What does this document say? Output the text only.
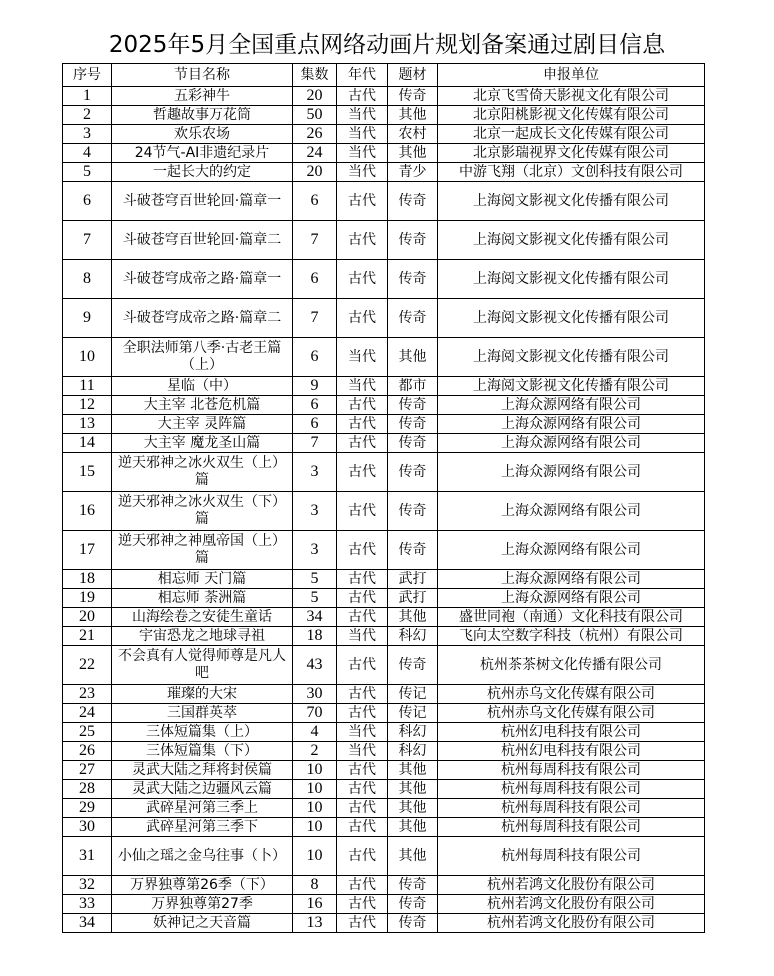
2025年5月全国重点网络动画片规划备案通过剧目信息
序号	节目名称	集数	年代	题材	申报单位
1	五彩神牛	20	古代	传奇	北京飞雪倚天影视文化有限公司
2	哲趣故事万花筒	50	当代	其他	北京阳桃影视文化传媒有限公司
3	欢乐农场	26	当代	农村	北京一起成长文化传媒有限公司
4	24节气-AI非遗纪录片	24	当代	其他	北京影瑞视界文化传媒有限公司
5	一起长大的约定	20	当代	青少	中游飞翔（北京）文创科技有限公司
6	斗破苍穹百世轮回·篇章一	6	古代	传奇	上海阅文影视文化传播有限公司
7	斗破苍穹百世轮回·篇章二	7	古代	传奇	上海阅文影视文化传播有限公司
8	斗破苍穹成帝之路·篇章一	6	古代	传奇	上海阅文影视文化传播有限公司
9	斗破苍穹成帝之路·篇章二	7	古代	传奇	上海阅文影视文化传播有限公司
10	全职法师第八季·古老王篇（上）	6	当代	其他	上海阅文影视文化传播有限公司
11	星临（中）	9	当代	都市	上海阅文影视文化传播有限公司
12	大主宰 北苍危机篇	6	古代	传奇	上海众源网络有限公司
13	大主宰 灵阵篇	6	古代	传奇	上海众源网络有限公司
14	大主宰 魔龙圣山篇	7	古代	传奇	上海众源网络有限公司
15	逆天邪神之冰火双生（上）篇	3	古代	传奇	上海众源网络有限公司
16	逆天邪神之冰火双生（下）篇	3	古代	传奇	上海众源网络有限公司
17	逆天邪神之神凰帝国（上）篇	3	古代	传奇	上海众源网络有限公司
18	相忘师 天门篇	5	古代	武打	上海众源网络有限公司
19	相忘师 荼洲篇	5	古代	武打	上海众源网络有限公司
20	山海绘卷之安徒生童话	34	古代	其他	盛世同袍（南通）文化科技有限公司
21	宇宙恐龙之地球寻祖	18	当代	科幻	飞向太空数字科技（杭州）有限公司
22	不会真有人觉得师尊是凡人吧	43	古代	传奇	杭州茶茶树文化传播有限公司
23	璀璨的大宋	30	古代	传记	杭州赤乌文化传媒有限公司
24	三国群英萃	70	古代	传记	杭州赤乌文化传媒有限公司
25	三体短篇集（上）	4	当代	科幻	杭州幻电科技有限公司
26	三体短篇集（下）	2	当代	科幻	杭州幻电科技有限公司
27	灵武大陆之拜将封侯篇	10	古代	其他	杭州每周科技有限公司
28	灵武大陆之边疆风云篇	10	古代	其他	杭州每周科技有限公司
29	武碎星河第三季上	10	古代	其他	杭州每周科技有限公司
30	武碎星河第三季下	10	古代	其他	杭州每周科技有限公司
31	小仙之瑶之金乌往事（卜）	10	古代	其他	杭州每周科技有限公司
32	万界独尊第26季（下）	8	古代	传奇	杭州若鸿文化股份有限公司
33	万界独尊第27季	16	古代	传奇	杭州若鸿文化股份有限公司
34	妖神记之天音篇	13	古代	传奇	杭州若鸿文化股份有限公司
